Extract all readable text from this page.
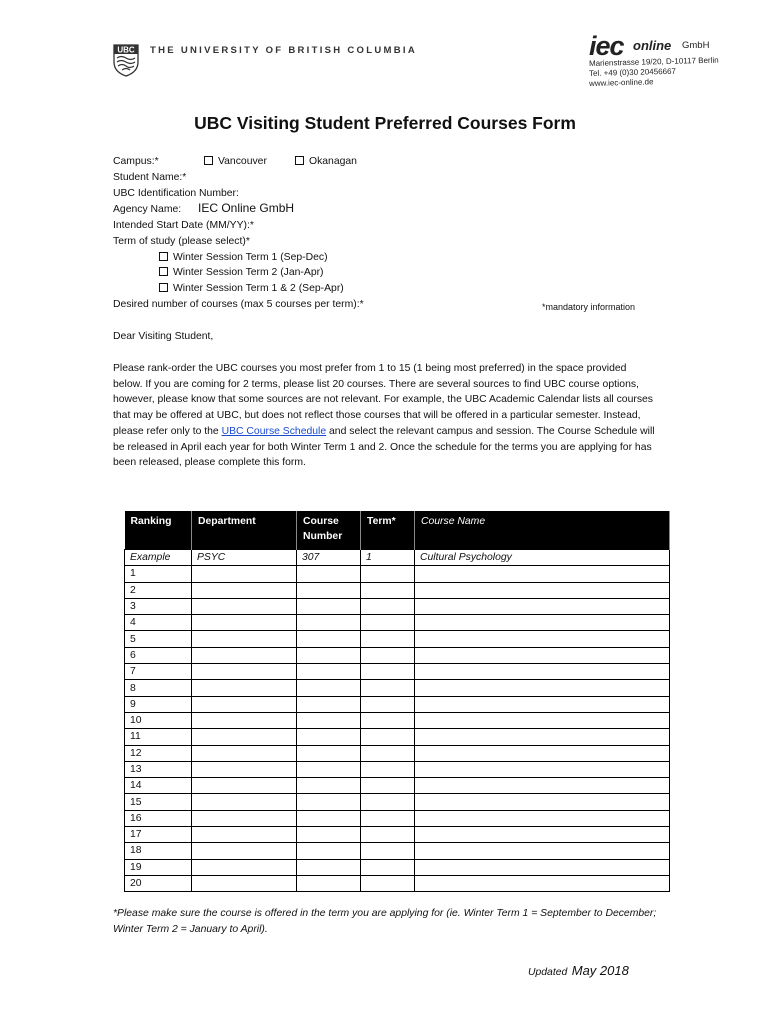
UBC THE UNIVERSITY OF BRITISH COLUMBIA	iec online GmbH
Marienstrasse 19/20, D-10117 Berlin
Tel. +49 (0)30 20456667
www.iec-online.de
UBC Visiting Student Preferred Courses Form
Campus:*	Vancouver	Okanagan
Student Name:*
UBC Identification Number:
Agency Name: IEC Online GmbH
Intended Start Date (MM/YY):*
Term of study (please select)*
Winter Session Term 1 (Sep-Dec)
Winter Session Term 2 (Jan-Apr)
Winter Session Term 1 & 2 (Sep-Apr)
Desired number of courses (max 5 courses per term):*	*mandatory information
Dear Visiting Student,
Please rank-order the UBC courses you most prefer from 1 to 15 (1 being most preferred) in the space provided below. If you are coming for 2 terms, please list 20 courses. There are several sources to find UBC course options, however, please know that some sources are not relevant. For example, the UBC Academic Calendar lists all courses that may be offered at UBC, but does not reflect those courses that will be offered in a particular semester. Instead, please refer only to the UBC Course Schedule and select the relevant campus and session. The Course Schedule will be released in April each year for both Winter Term 1 and 2. Once the schedule for the terms you are applying for has been released, please complete this form.
Ranking	Department	Course Number	Term*	Course Name
Example	PSYC	307	1	Cultural Psychology
1				
2				
3				
4				
5				
6				
7				
8				
9				
10				
11				
12				
13				
14				
15				
16				
17				
18				
19				
20				
*Please make sure the course is offered in the term you are applying for (ie. Winter Term 1 = September to December; Winter Term 2 = January to April).
Updated May 2018
